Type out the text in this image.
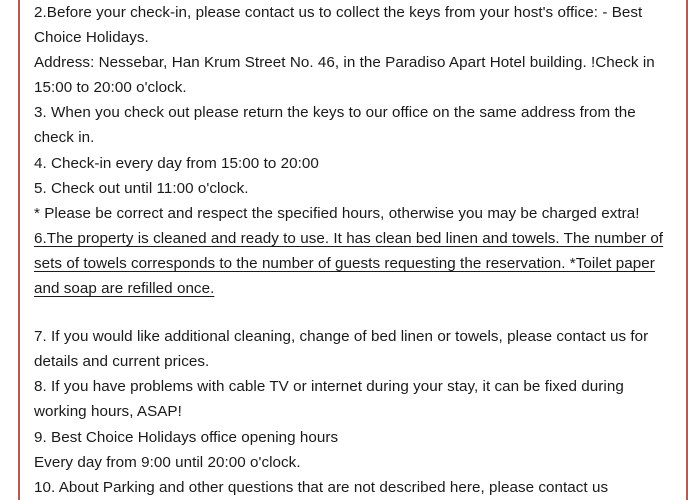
2.Before your check-in, please contact us to collect the keys from your host's office: - Best Choice Holidays.

Address: Nessebar, Han Krum Street No. 46, in the Paradiso Apart Hotel building. !Check in 15:00 to 20:00 o'clock.

3. When you check out please return the keys to our office on the same address from the check in.

4. Check-in every day from 15:00 to 20:00

5. Check out until 11:00 o'clock.

* Please be correct and respect the specified hours, otherwise you may be charged extra!

6.The property is cleaned and ready to use. It has clean bed linen and towels. The number of sets of towels corresponds to the number of guests requesting the reservation. *Toilet paper and soap are refilled once.

7. If you would like additional cleaning, change of bed linen or towels, please contact us for details and current prices.

8. If you have problems with cable TV or internet during your stay, it can be fixed during working hours, ASAP!

9. Best Choice Holidays office opening hours

Every day from 9:00 until 20:00 o'clock.

10. About Parking and other questions that are not described here, please contact us
